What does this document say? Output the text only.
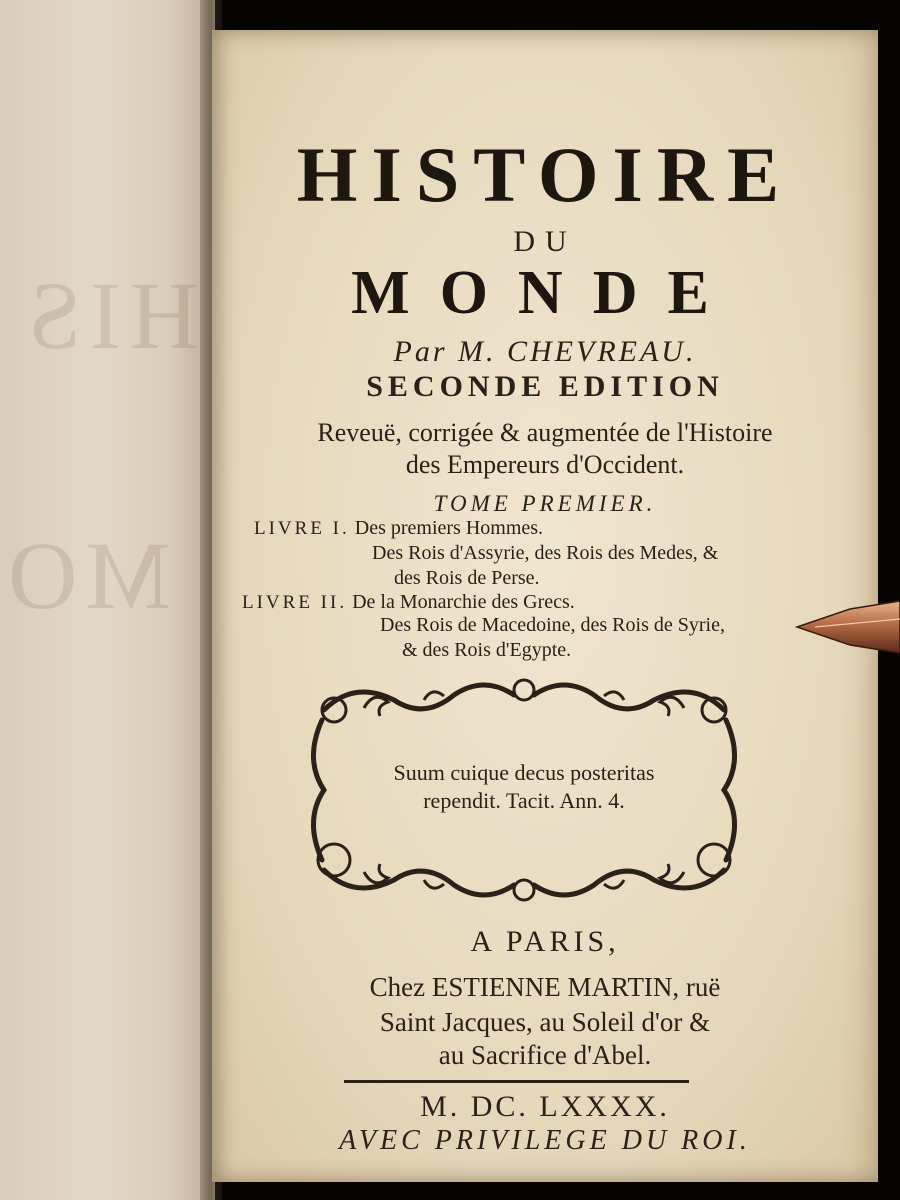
HIS
MO
HISTOIRE
DU
MONDE
Par M. CHEVREAU.
SECONDE EDITION
Reveuë, corrigée & augmentée de l'Histoire
des Empereurs d'Occident.
TOME PREMIER.
LIVRE I. Des premiers Hommes.
Des Rois d'Assyrie, des Rois des Medes, &
des Rois de Perse.
LIVRE II. De la Monarchie des Grecs.
Des Rois de Macedoine, des Rois de Syrie,
& des Rois d'Egypte.
Suum cuique decus posteritas
rependit. Tacit. Ann. 4.
A PARIS,
Chez ESTIENNE MARTIN, ruë
Saint Jacques, au Soleil d'or &
au Sacrifice d'Abel.
M. DC. LXXXX.
AVEC PRIVILEGE DU ROI.
